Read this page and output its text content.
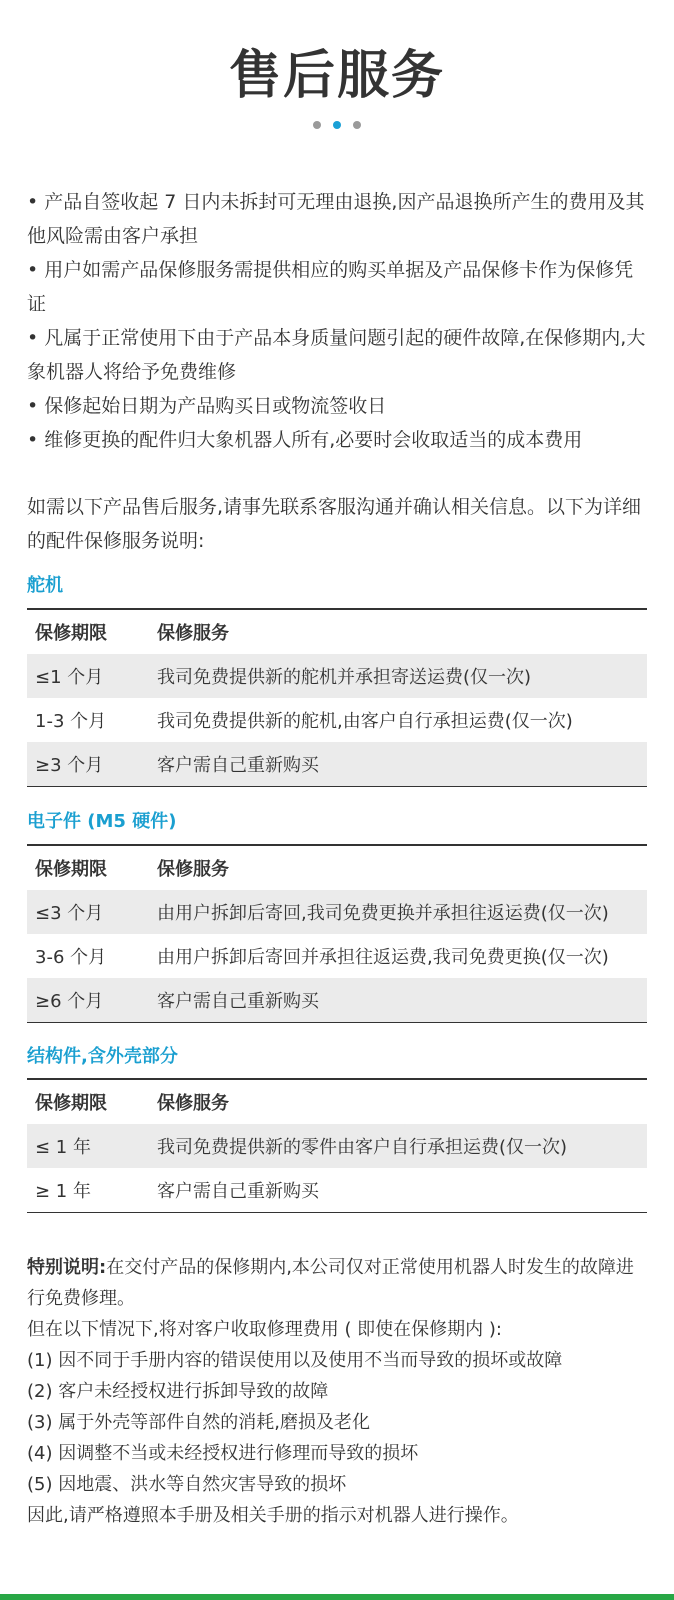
售后服务

• 产品自签收起 7 日内未拆封可无理由退换,因产品退换所产生的费用及其他风险需由客户承担

• 用户如需产品保修服务需提供相应的购买单据及产品保修卡作为保修凭证

• 凡属于正常使用下由于产品本身质量问题引起的硬件故障,在保修期内,大象机器人将给予免费维修

• 保修起始日期为产品购买日或物流签收日

• 维修更换的配件归大象机器人所有,必要时会收取适当的成本费用

如需以下产品售后服务,请事先联系客服沟通并确认相关信息。以下为详细的配件保修服务说明:
舵机
保修期限	保修服务
≤1 个月	我司免费提供新的舵机并承担寄送运费(仅一次)
1-3 个月	我司免费提供新的舵机,由客户自行承担运费(仅一次)
≥3 个月	客户需自己重新购买
电子件 (M5 硬件)
保修期限	保修服务
≤3 个月	由用户拆卸后寄回,我司免费更换并承担往返运费(仅一次)
3-6 个月	由用户拆卸后寄回并承担往返运费,我司免费更换(仅一次)
≥6 个月	客户需自己重新购买
结构件,含外壳部分
保修期限	保修服务
≤ 1 年	我司免费提供新的零件由客户自行承担运费(仅一次)
≥ 1 年	客户需自己重新购买

特别说明:在交付产品的保修期内,本公司仅对正常使用机器人时发生的故障进行免费修理。

但在以下情况下,将对客户收取修理费用 ( 即使在保修期内 ):

(1) 因不同于手册内容的错误使用以及使用不当而导致的损坏或故障

(2) 客户未经授权进行拆卸导致的故障

(3) 属于外壳等部件自然的消耗,磨损及老化

(4) 因调整不当或未经授权进行修理而导致的损坏

(5) 因地震、洪水等自然灾害导致的损坏

因此,请严格遵照本手册及相关手册的指示对机器人进行操作。
